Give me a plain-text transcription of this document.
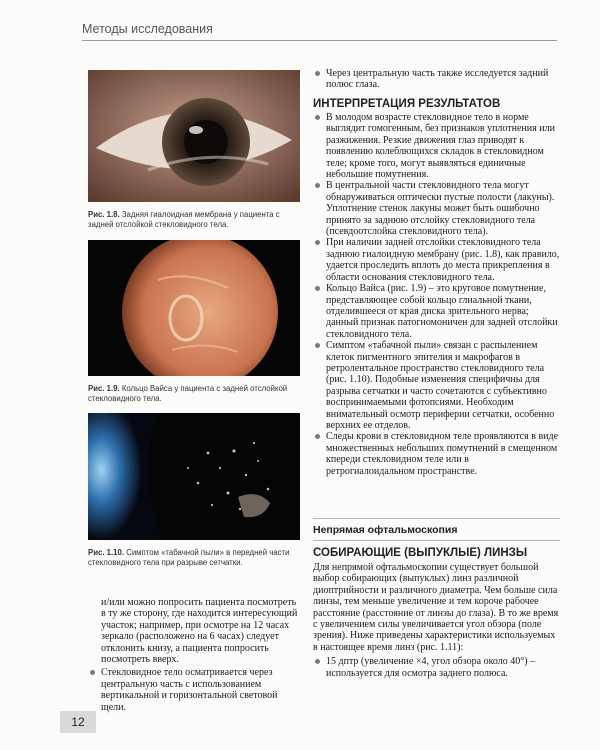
Методы исследования
Рис. 1.8. Задняя гиалоидная мембрана у пациента с задней отслойкой стекловидного тела.
Рис. 1.9. Кольцо Вайса у пациента с задней отслойкой стекловидного тела.
Рис. 1.10. Симптом «табачной пыли» в передней части стекловидного тела при разрыве сетчатки.

и/или можно попросить пациента посмотреть в ту же сторону, где находится интересующий участок; например, при осмотре на 12 часах зеркало (расположено на 6 часах) следует отклонить книзу, а пациента попросить посмотреть вверх.

Стекловидное тело осматривается через центральную часть с использованием вертикальной и горизонтальной световой щели.

Через центральную часть также исследуется задний полюс глаза.

ИНТЕРПРЕТАЦИЯ РЕЗУЛЬТАТОВ

В молодом возрасте стекловидное тело в норме выглядит гомогенным, без признаков уплотнения или разжижения. Резкие движения глаз приводят к появлению колеблющихся складок в стекловидном теле; кроме того, могут выявляться единичные небольшие помутнения.

В центральной части стекловидного тела могут обнаруживаться оптически пустые полости (лакуны). Уплотнение стенок лакуны может быть ошибочно принято за заднюю отслойку стекловидного тела (псевдоотслойка стекловидного тела).

При наличии задней отслойки стекловидного тела заднюю гиалоидную мембрану (рис. 1.8), как правило, удается проследить вплоть до места прикрепления в области основания стекловидного тела.

Кольцо Вайса (рис. 1.9) – это круговое помутнение, представляющее собой кольцо глиальной ткани, отделившееся от края диска зрительного нерва; данный признак патогномоничен для задней отслойки стекловидного тела.

Симптом «табачной пыли» связан с распылением клеток пигментного эпителия и макрофагов в ретролентальное пространство стекловидного тела (рис. 1.10). Подобные изменения специфичны для разрыва сетчатки и часто сочетаются с субъективно воспринимаемыми фотопсиями. Необходим внимательный осмотр периферии сетчатки, особенно верхних ее отделов.

Следы крови в стекловидном теле проявляются в виде множественных небольших помутнений в смещенном кпереди стекловидном теле или в ретрогиалоидальном пространстве.

Непрямая офтальмоскопия
СОБИРАЮЩИЕ (ВЫПУКЛЫЕ) ЛИНЗЫ

Для непрямой офтальмоскопии существует большой выбор собирающих (выпуклых) линз различной диоптрийности и различного диаметра. Чем больше сила линзы, тем меньше увеличение и тем короче рабочее расстояние (расстояние от линзы до глаза). В то же время с увеличением силы увеличивается угол обзора (поле зрения). Ниже приведены характеристики используемых в настоящее время линз (рис. 1.11):

15 дптр (увеличение ×4, угол обзора около 40°) – используется для осмотра заднего полюса.

12
